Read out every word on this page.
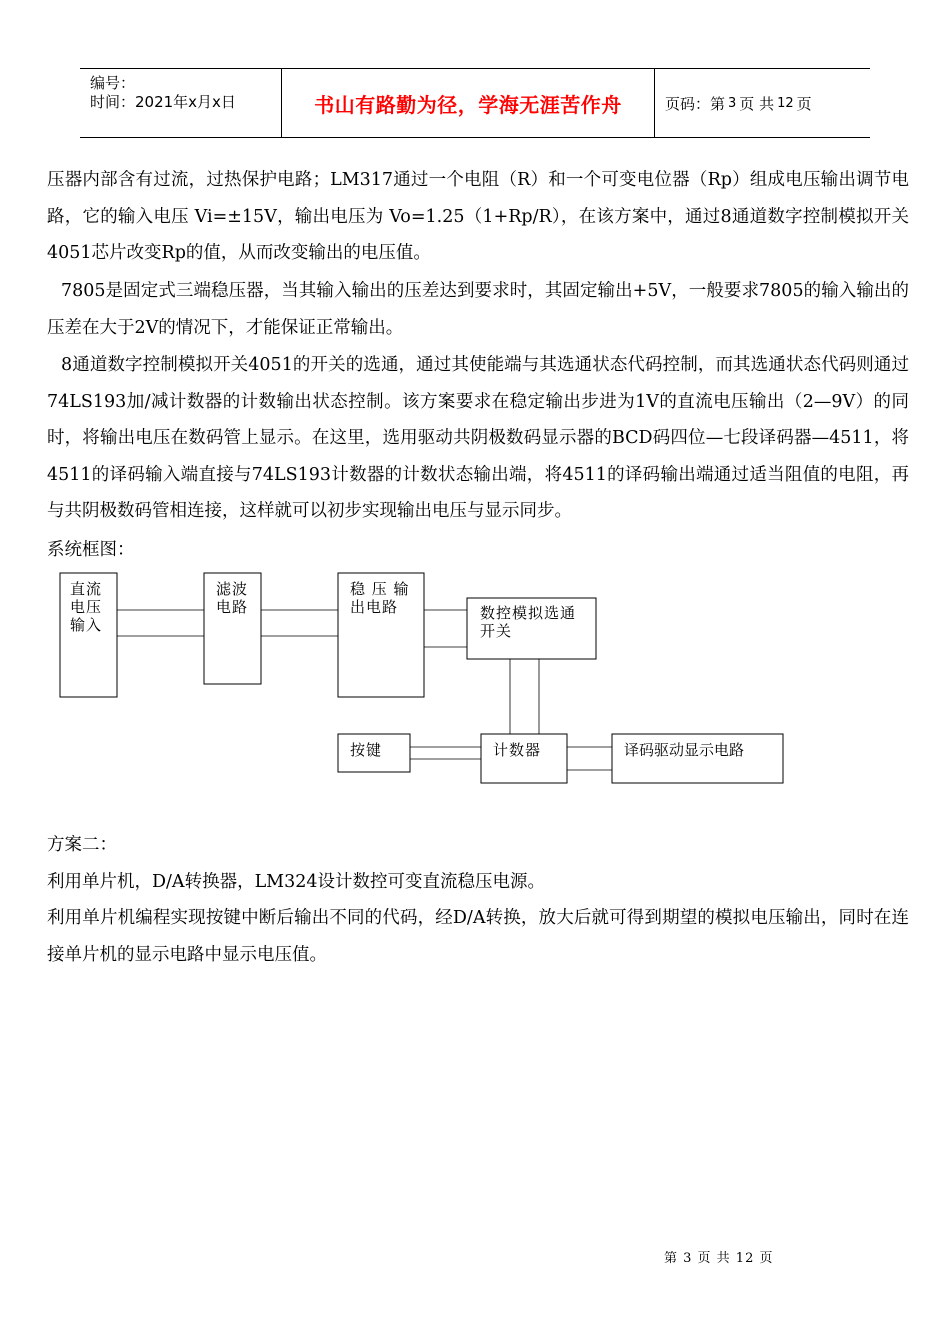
编号：
时间：2021年x月x日	书山有路勤为径，学海无涯苦作舟	页码：第 3 页 共 12 页

压器内部含有过流，过热保护电路；LM317通过一个电阻（R）和一个可变电位器（Rp）组成电压输出调节电路，它的输入电压 Vi=±15V，输出电压为 Vo=1.25（1+Rp/R），在该方案中，通过8通道数字控制模拟开关4051芯片改变Rp的值，从而改变输出的电压值。

7805是固定式三端稳压器，当其输入输出的压差达到要求时，其固定输出+5V，一般要求7805的输入输出的压差在大于2V的情况下，才能保证正常输出。

8通道数字控制模拟开关4051的开关的选通，通过其使能端与其选通状态代码控制，而其选通状态代码则通过74LS193加/减计数器的计数输出状态控制。该方案要求在稳定输出步进为1V的直流电压输出（2—9V）的同时，将输出电压在数码管上显示。在这里，选用驱动共阴极数码显示器的BCD码四位—七段译码器—4511，将4511的译码输入端直接与74LS193计数器的计数状态输出端，将4511的译码输出端通过适当阻值的电阻，再与共阴极数码管相连接，这样就可以初步实现输出电压与显示同步。

系统框图：

直流电压输入
滤波电路
稳 压 输出电路	数控模拟选通开关
按键	计数器	译码驱动显示电路

方案二：

利用单片机，D/A转换器，LM324设计数控可变直流稳压电源。

利用单片机编程实现按键中断后输出不同的代码，经D/A转换，放大后就可得到期望的模拟电压输出，同时在连接单片机的显示电路中显示电压值。

第 3 页 共 12 页
